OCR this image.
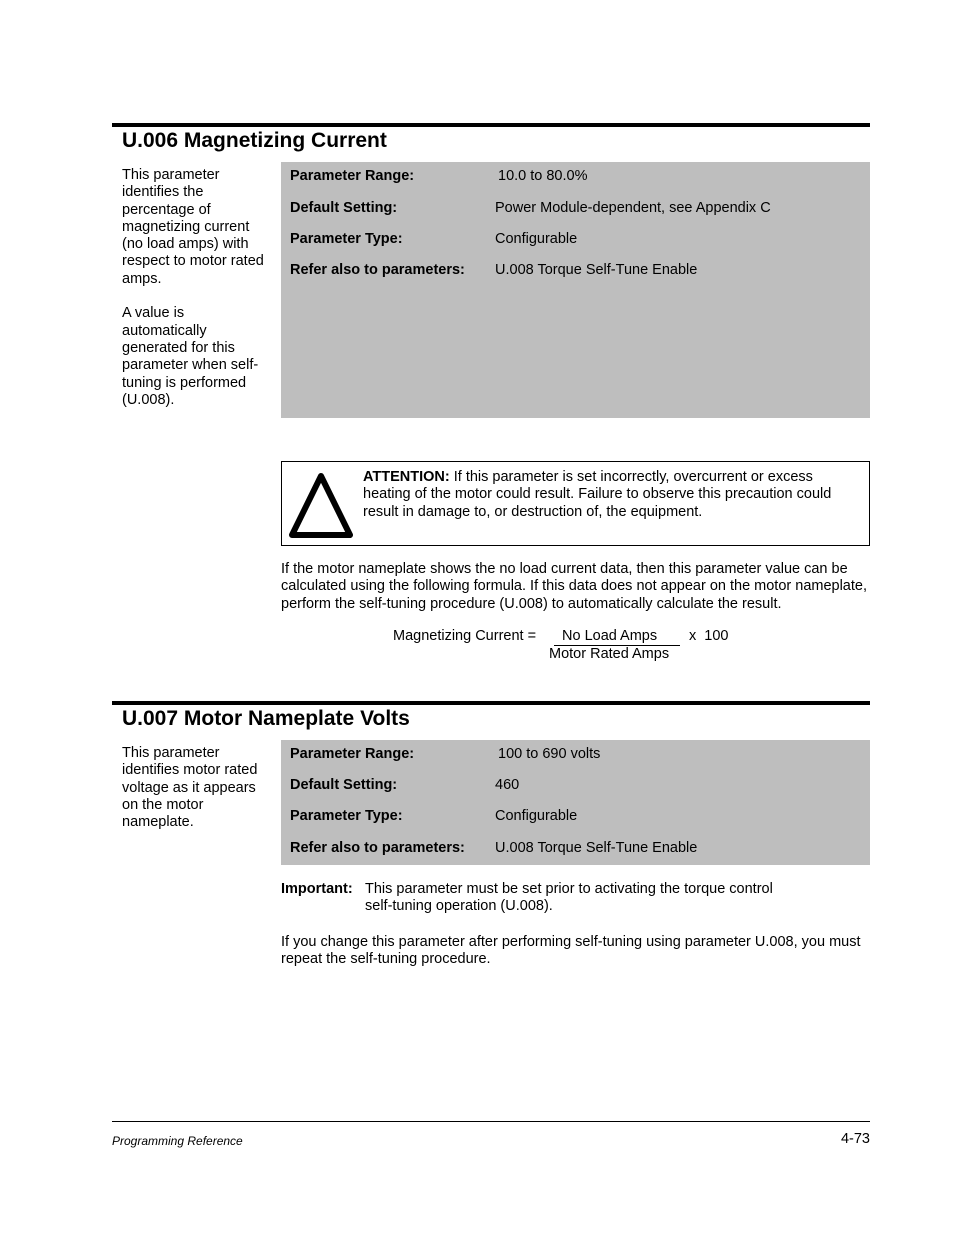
U.006 Magnetizing Current

This parameter identifies the percentage of magnetizing current (no load amps) with respect to motor rated amps.

A value is automatically generated for this parameter when self-tuning is performed (U.008).

Parameter Range:	10.0 to 80.0%
Default Setting:	Power Module-dependent, see Appendix C
Parameter Type:	Configurable
Refer also to parameters: U.008 Torque Self-Tune Enable
ATTENTION: If this parameter is set incorrectly, overcurrent or excess heating of the motor could result. Failure to observe this precaution could result in damage to, or destruction of, the equipment.
If the motor nameplate shows the no load current data, then this parameter value can be calculated using the following formula. If this data does not appear on the motor nameplate, perform the self-tuning procedure (U.008) to automatically calculate the result.
Magnetizing Current =	No Load Amps	x  100
Motor Rated Amps
U.007 Motor Nameplate Volts
This parameter identifies motor rated voltage as it appears on the motor nameplate.
Parameter Range:	100 to 690 volts
Default Setting:	460
Parameter Type:	Configurable
Refer also to parameters: U.008 Torque Self-Tune Enable
Important: This parameter must be set prior to activating the torque control
self-tuning operation (U.008).
If you change this parameter after performing self-tuning using parameter U.008, you must repeat the self-tuning procedure.
Programming Reference	4-73
